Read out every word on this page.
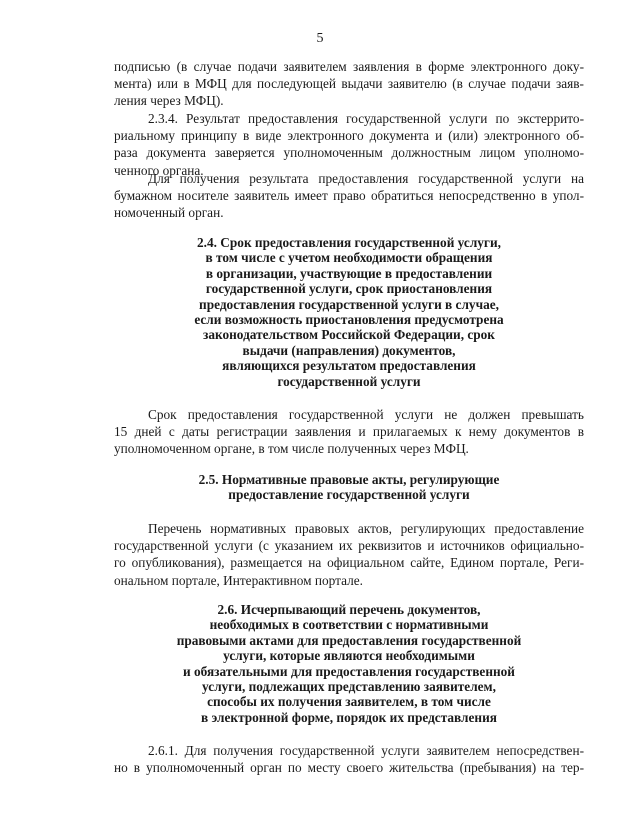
5
подписью (в случае подачи заявителем заявления в форме электронного доку-
мента) или в МФЦ для последующей выдачи заявителю (в случае подачи заяв-
ления через МФЦ).
2.3.4. Результат предоставления государственной услуги по экстеррито-
риальному принципу в виде электронного документа и (или) электронного об-
раза документа заверяется уполномоченным должностным лицом уполномо-
ченного органа.
Для получения результата предоставления государственной услуги на
бумажном носителе заявитель имеет право обратиться непосредственно в упол-
номоченный орган.
2.4. Срок предоставления государственной услуги,
в том числе с учетом необходимости обращения
в организации, участвующие в предоставлении
государственной услуги, срок приостановления
предоставления государственной услуги в случае,
если возможность приостановления предусмотрена
законодательством Российской Федерации, срок
выдачи (направления) документов,
являющихся результатом предоставления
государственной услуги
Срок предоставления государственной услуги не должен превышать
15 дней с даты регистрации заявления и прилагаемых к нему документов в
уполномоченном органе, в том числе полученных через МФЦ.
2.5. Нормативные правовые акты, регулирующие
предоставление государственной услуги
Перечень нормативных правовых актов, регулирующих предоставление
государственной услуги (с указанием их реквизитов и источников официально-
го опубликования), размещается на официальном сайте, Едином портале, Реги-
ональном портале, Интерактивном портале.
2.6. Исчерпывающий перечень документов,
необходимых в соответствии с нормативными
правовыми актами для предоставления государственной
услуги, которые являются необходимыми
и обязательными для предоставления государственной
услуги, подлежащих представлению заявителем,
способы их получения заявителем, в том числе
в электронной форме, порядок их представления
2.6.1. Для получения государственной услуги заявителем непосредствен-
но в уполномоченный орган по месту своего жительства (пребывания) на тер-
